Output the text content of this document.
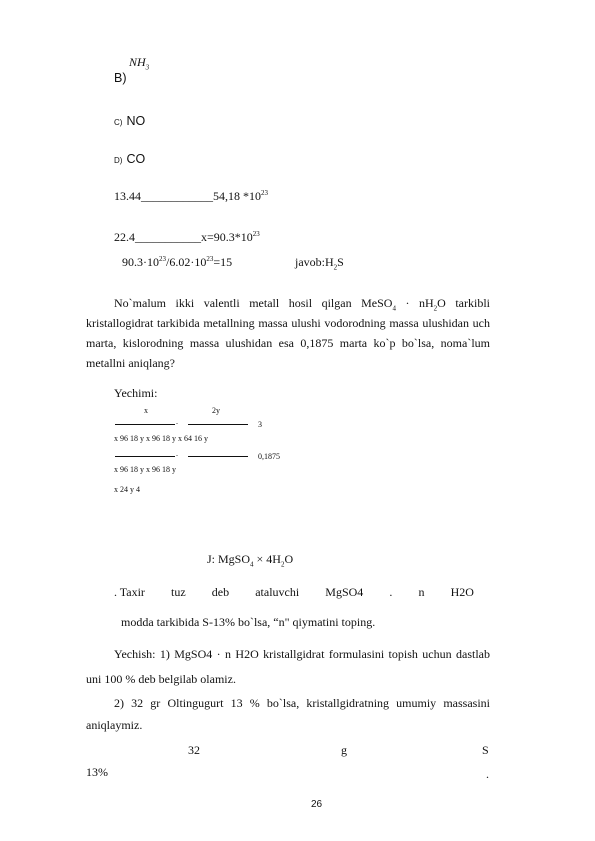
$NH_3$
B)
C) NO
D) CO
13.44____________54,18 $*10^{23}$
$22.4\_\_\_\_\_\_\_\_\_\_\_x=90.3*10^{23}$
$90.3\cdot 10^{23}/6.02\cdot 10^{23}=15$	$javob:H_2S$
No`malum ikki valentli metall hosil qilgan MeSO$_4$ · $nH_2O$ tarkibli kristallogidrat tarkibida metallning massa ulushi vodorodning massa ulushidan uch marta, kislorodning massa ulushidan esa 0,1875 marta ko`p bo`lsa, noma`lum metallni aniqlang?
Yechimi:
x	2y
.	3
x 96 18 y x 96 18 y x 64 16 y
.	0,1875
x 96 18 y x 96 18 y
x 24 y 4
J: MgSO$_4$ × $4H_2O$
. Taxir tuz deb ataluvchi MgSO4 . n H2O
modda tarkibida S-13% bo`lsa, “n" qiymatini toping.
Yechish: 1) MgSO4 · n H2O kristallgidrat formulasini topish uchun dastlab uni 100 % deb belgilab olamiz.
2) 32 gr Oltingugurt 13 % bo`lsa, kristallgidratning umumiy massasini aniqlaymiz.
32	g	S
13%	.
26
